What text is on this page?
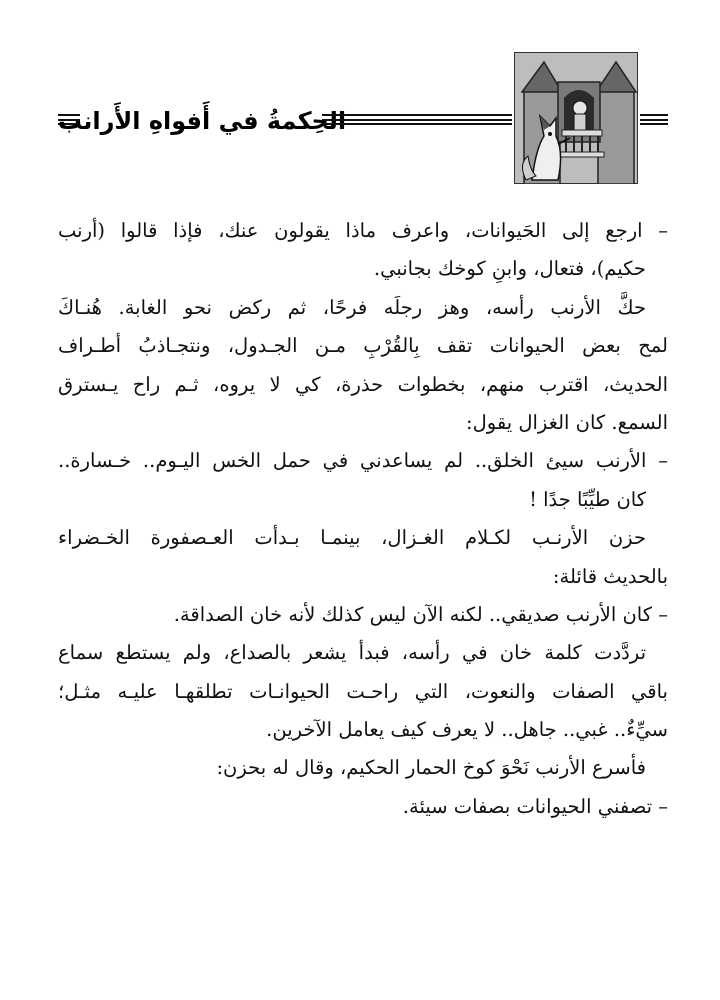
الحِكمةُ في أَفواهِ الأَرانب
– ارجع إلى الحَيوانات، واعرف ماذا يقولون عنك، فإذا قالوا (أرنب
حكيم)، فتعال، وابنِ كوخك بجانبي.
حكَّ الأرنب رأسه، وهز رجلَه فرحًا، ثم ركض نحو الغابة. هُنـاكَ
لمح بعض الحيوانات تقف بِالقُرْبِ مـن الجـدول، ونتجـاذبُ أطـراف
الحديث، اقترب منهم، بخطوات حذرة، كي لا يروه، ثـم راح يـسترق
السمع. كان الغزال يقول:
– الأرنب سيئ الخلق.. لم يساعدني في حمل الخس اليـوم.. خـسارة..
كان طيِّبًا جدًا !
حزن الأرنـب لكـلام الغـزال، بينمـا بـدأت العـصفورة الخـضراء
بالحديث قائلة:
– كان الأرنب صديقي.. لكنه الآن ليس كذلك لأنه خان الصداقة.
تردَّدت كلمة خان في رأسه، فبدأ يشعر بالصداع، ولم يستطع سماع
باقي الصفات والنعوت، التي راحـت الحيوانـات تطلقهـا عليـه مثـل؛
سيِّءٌ.. غبي.. جاهل.. لا يعرف كيف يعامل الآخرين.
فأسرع الأرنب نَحْوَ كوخ الحمار الحكيم، وقال له بحزن:
– تصفني الحيوانات بصفات سيئة.
